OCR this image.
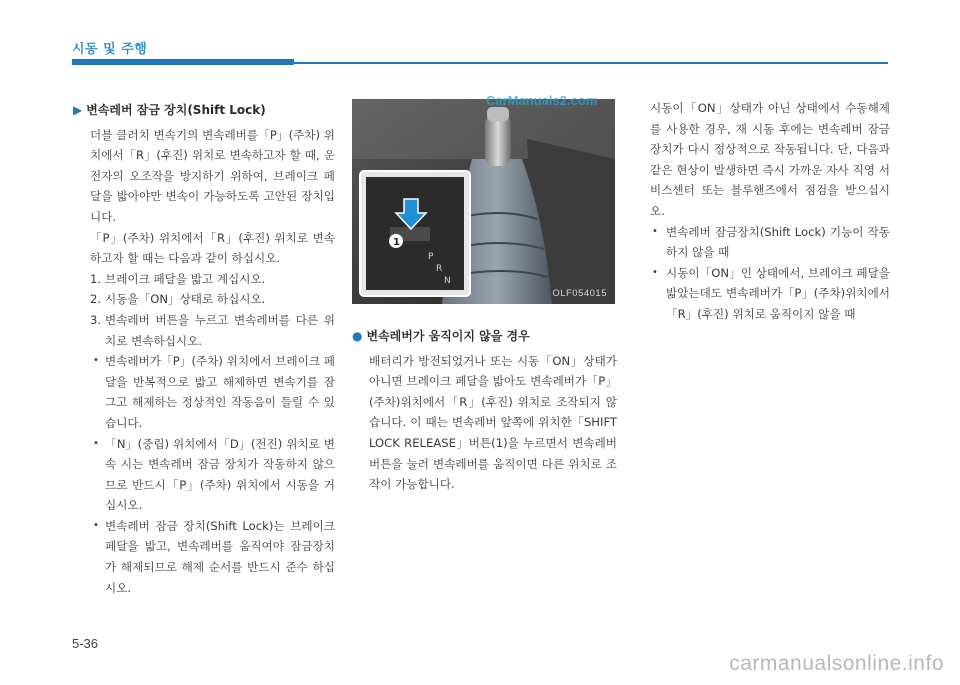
시동 및 주행
▶ 변속레버 잠금 장치(Shift Lock)
더블 클러치 변속기의 변속레버를「P」(주차) 위치에서「R」(후진) 위치로 변속하고자 할 때, 운전자의 오조작을 방지하기 위하여, 브레이크 페달을 밟아야만 변속이 가능하도록 고안된 장치입니다.
「P」(주차) 위치에서「R」(후진) 위치로 변속하고자 할 때는 다음과 같이 하십시오.
1. 브레이크 페달을 밟고 계십시오.
2. 시동을「ON」상태로 하십시오.
3. 변속레버 버튼을 누르고 변속레버를 다른 위치로 변속하십시오.
• 변속레버가「P」(주차) 위치에서 브레이크 페달을 반복적으로 밟고 해제하면 변속기를 잠그고 해제하는 정상적인 작동음이 들릴 수 있습니다.
• 「N」(중립) 위치에서「D」(전진) 위치로 변속 시는 변속레버 잠금 장치가 작동하지 않으므로 반드시「P」(주차) 위치에서 시동을 거십시오.
• 변속레버 잠금 장치(Shift Lock)는 브레이크 페달을 밟고, 변속레버를 움직여야 잠금장치가 해제되므로 해제 순서를 반드시 준수 하십시오.
P
R
N
1
OLF054015
CarManuals2.com
● 변속레버가 움직이지 않을 경우
배터리가 방전되었거나 또는 시동「ON」상태가 아니면 브레이크 페달을 밟아도 변속레버가「P」(주차)위치에서「R」(후진) 위치로 조작되지 않습니다. 이 때는 변속레버 앞쪽에 위치한「SHIFT LOCK RELEASE」버튼(1)을 누르면서 변속레버 버튼을 눌러 변속레버를 움직이면 다른 위치로 조작이 가능합니다.
시동이「ON」상태가 아닌 상태에서 수동해제를 사용한 경우, 재 시동 후에는 변속레버 잠금장치가 다시 정상적으로 작동됩니다. 단, 다음과 같은 현상이 발생하면 즉시 가까운 자사 직영 서비스센터 또는 블루핸즈에서 점검을 받으십시오.
• 변속레버 잠금장치(Shift Lock) 기능이 작동하지 않을 때
• 시동이「ON」인 상태에서, 브레이크 페달을 밟았는데도 변속레버가「P」(주차)위치에서「R」(후진) 위치로 움직이지 않을 때
5-36
carmanualsonline.info
